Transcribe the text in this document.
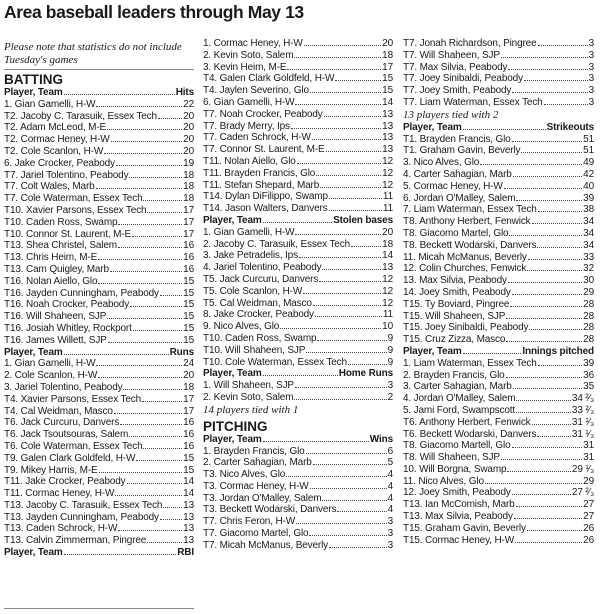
Area baseball leaders through May 13
Please note that statistics do not include Tuesday's games
BATTING
Player, Team	Hits
1. Gian Gamelli, H-W	22
T2. Jacoby C. Tarasuik, Essex Tech	20
T2. Adam McLeod, M-E	20
T2. Cormac Heney, H-W	20
T2. Cole Scanlon, H-W	20
6. Jake Crocker, Peabody	19
T7. Jariel Tolentino, Peabody	18
T7. Colt Wales, Marb	18
T7. Cole Waterman, Essex Tech	18
T10. Xavier Parsons, Essex Tech	17
T10. Caden Ross, Swamp	17
T10. Connor St. Laurent, M-E	17
T13. Shea Christel, Salem	16
T13. Chris Heim, M-E	16
T13. Cam Quigley, Marb	16
T16. Nolan Aiello, Glo	15
T16. Jayden Cunningham, Peabody 15
T16. Noah Crocker, Peabody	15
T16. Will Shaheen, SJP	15
T16. Josiah Whitley, Rockport	15
T16. James Willett, SJP	15
Player, Team	Runs
1. Gian Gamelli, H-W	24
2. Cole Scanlon, H-W	20
3. Jariel Tolentino, Peabody	18
T4. Xavier Parsons, Essex Tech	17
T4. Cal Weidman, Masco	17
T6. Jack Curcuru, Danvers	16
T6. Jack Tsoutsouras, Salem	16
T6. Cole Waterman, Essex Tech	16
T9. Galen Clark Goldfeld, H-W	15
T9. Mikey Harris, M-E	15
T11. Jake Crocker, Peabody	14
T11. Cormac Heney, H-W	14
T13. Jacoby C. Tarasuik, Essex Tech 13
T13. Jayden Cunningham, Peabody 13
T13. Caden Schrock, H-W	13
T13. Calvin Zimmerman, Pingree	13
Player, Team	RBI
1. Cormac Heney, H-W	20
2. Kevin Soto, Salem	18
3. Kevin Heim, M-E	17
T4. Galen Clark Goldfeld, H-W	15
T4. Jaylen Severino, Glo	15
6. Gian Gamelli, H-W	14
T7. Noah Crocker, Peabody	13
T7. Brady Merry, Ips	13
T7. Caden Schrock, H-W	13
T7. Connor St. Laurent, M-E	13
T11. Nolan Aiello, Glo	12
T11. Brayden Francis, Glo	12
T11. Stefan Shepard, Marb	12
T14. Dylan DiFilippo, Swamp	11
T14. Jason Walters, Danvers	11
Player, Team	Stolen bases
1. Gian Gamelli, H-W	20
2. Jacoby C. Tarasuik, Essex Tech	18
3. Jake Petradelis, Ips	14
4. Jariel Tolentino, Peabody	13
T5. Jack Curcuru, Danvers	12
T5. Cole Scanlon, H-W	12
T5. Cal Weidman, Masco	12
8. Jake Crocker, Peabody	11
9. Nico Alves, Glo	10
T10. Caden Ross, Swamp	9
T10. Will Shaheen, SJP	9
T10. Cole Waterman, Essex Tech	9
Player, Team	Home Runs
1. Will Shaheen, SJP	3
2. Kevin Soto, Salem	2
14 players tied with 1
PITCHING
Player, Team	Wins
1. Brayden Francis, Glo	6
2. Carter Sahagian, Marb	5
T3. Nico Alves, Glo	4
T3. Cormac Heney, H-W	4
T3. Jordan O'Malley, Salem	4
T3. Beckett Wodarski, Danvers	4
T7. Chris Feron, H-W	3
T7. Giacomo Martel, Glo	3
T7. Micah McManus, Beverly	3
T7. Jonah Richardson, Pingree	3
T7. Will Shaheen, SJP	3
T7. Max Silvia, Peabody	3
T7. Joey Sinibaldi, Peabody	3
T7. Joey Smith, Peabody	3
T7. Liam Waterman, Essex Tech	3
13 players tied with 2
Player, Team	Strikeouts
T1. Brayden Francis, Glo	51
T1. Graham Gavin, Beverly	51
3. Nico Alves, Glo	49
4. Carter Sahagian, Marb	42
5. Cormac Heney, H-W	40
6. Jordan O'Malley, Salem	39
7. Liam Waterman, Essex Tech	38
T8. Anthony Herbert, Fenwick	34
T8. Giacomo Martel, Glo	34
T8. Beckett Wodarski, Danvers	34
11. Micah McManus, Beverly	33
12. Colin Churches, Fenwick	32
13. Max Silvia, Peabody	30
14. Joey Smith, Peabody	29
T15. Ty Boviard, Pingree	28
T15. Will Shaheen, SJP	28
T15. Joey Sinibaldi, Peabody	28
T15. Cruz Zizza, Masco	28
Player, Team	Innings pitched
1. Liam Waterman, Essex Tech	39
2. Brayden Francis, Glo	36
3. Carter Sahagian, Marb	35
4. Jordan O'Malley, Salem	34 ²⁄₃
5. Jami Ford, Swampscott	33 ²⁄₃
T6. Anthony Herbert, Fenwick	31 ¹⁄₃
T6. Beckett Wodarski, Danvers	31 ¹⁄₃
T8. Giacomo Martell, Glo	31
T8. Will Shaheen, SJP	31
10. Will Borgna, Swamp	29 ¹⁄₃
11. Nico Alves, Glo	29
12. Joey Smith, Peabody	27 ²⁄₃
T13. Ian McComish, Marb	27
T13. Max Silvia, Peabody	27
T15. Graham Gavin, Beverly	26
T15. Cormac Heney, H-W	26
